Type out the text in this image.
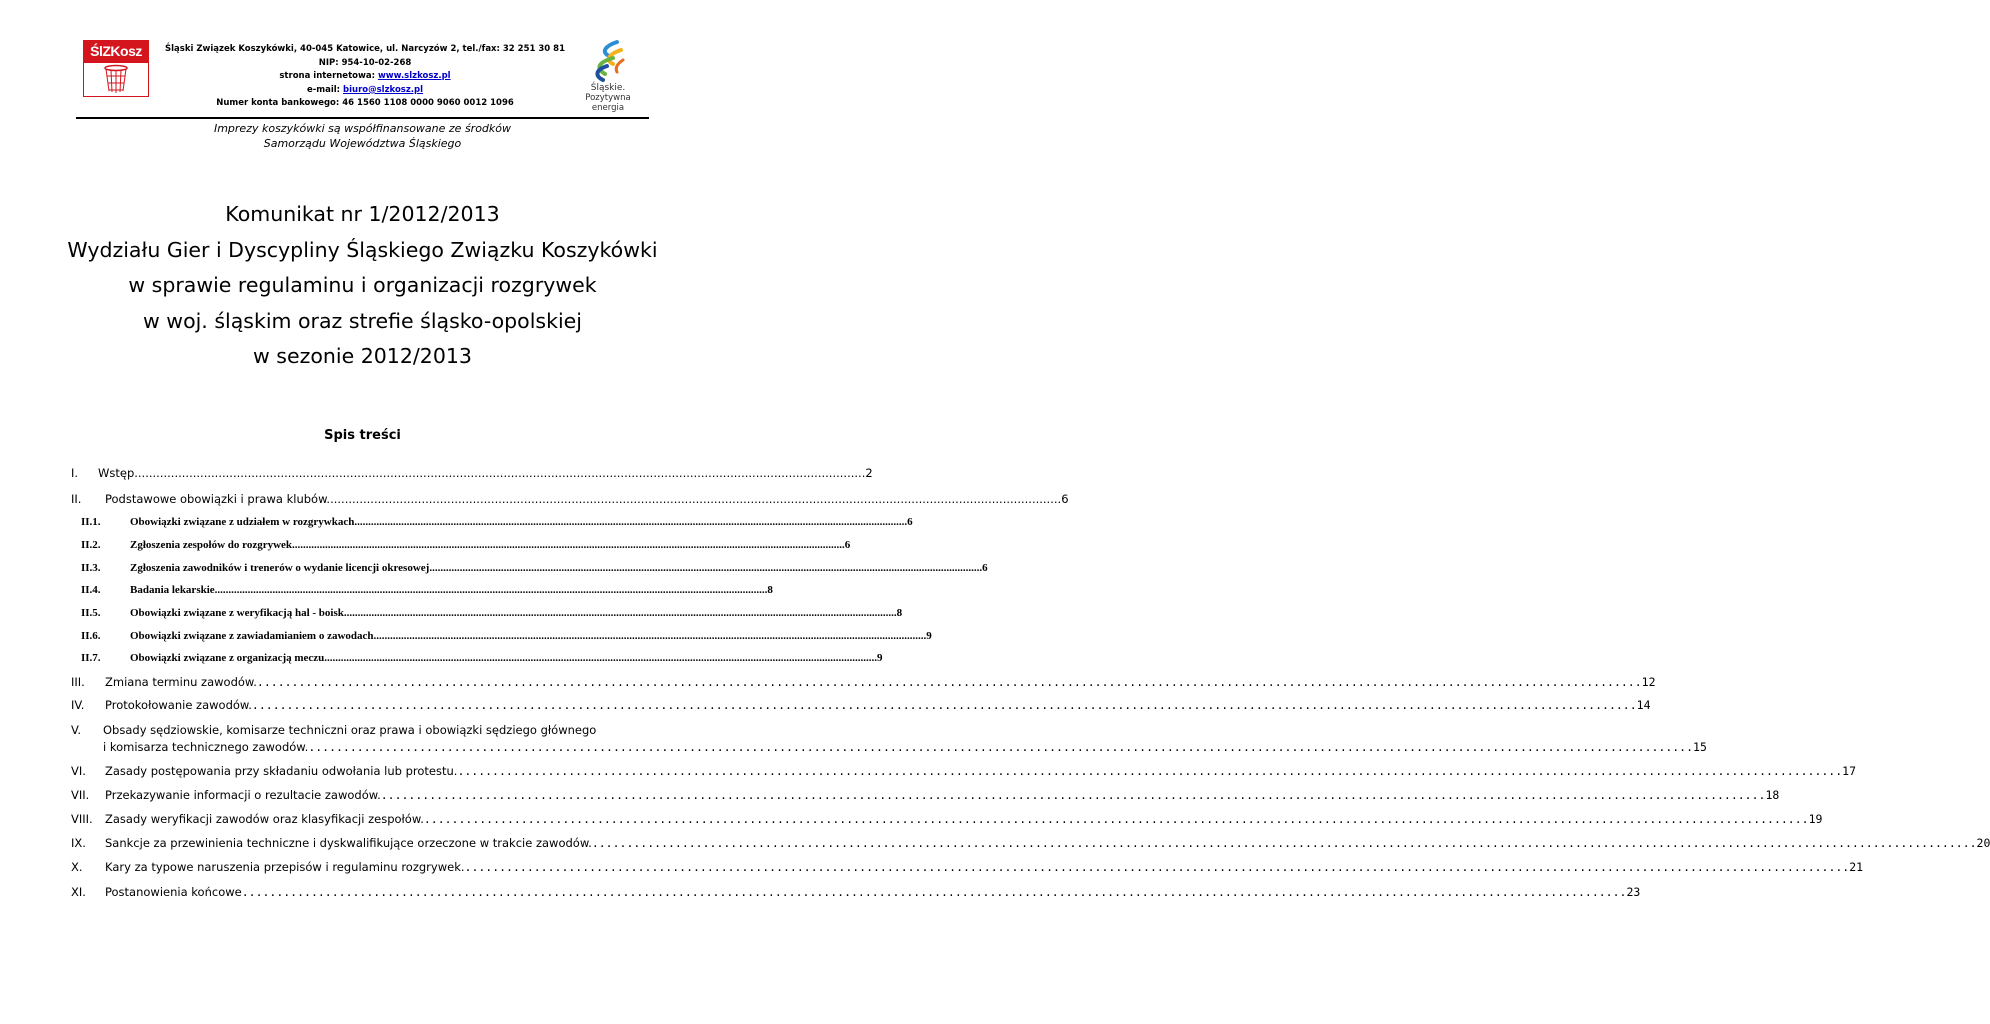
ŚlZKosz	Śląski Związek Koszykówki, 40-045 Katowice, ul. Narcyzów 2, tel./fax: 32 251 30 81
NIP: 954-10-02-268
strona internetowa: www.slzkosz.pl
e-mail: biuro@slzkosz.pl
Numer konta bankowego: 46 1560 1108 0000 9060 0012 1096
Śląskie.
Pozytywna energia
Imprezy koszykówki są współfinansowane ze środków
Samorządu Województwa Śląskiego
Komunikat nr 1/2012/2013
Wydziału Gier i Dyscypliny Śląskiego Związku Koszykówki
w sprawie regulaminu i organizacji rozgrywek
w woj. śląskim oraz strefie śląsko-opolskiej
w sezonie 2012/2013
Spis treści
I.	Wstęp ........................................................................................................................................................................................................ 2
II.	Podstawowe obowiązki i prawa klubów. ........................................................................................................................................................................................................ 6
II.1.	Obowiązki związane z udziałem w rozgrywkach. ........................................................................................................................................................................................................ 6
II.2.	Zgłoszenia zespołów do rozgrywek. ........................................................................................................................................................................................................ 6
II.3.	Zgłoszenia zawodników i trenerów o wydanie licencji okresowej. ........................................................................................................................................................................................................ 6
II.4.	Badania lekarskie. ........................................................................................................................................................................................................ 8
II.5.	Obowiązki związane z weryfikacją hal - boisk. ........................................................................................................................................................................................................ 8
II.6.	Obowiązki związane z zawiadamianiem o zawodach. ........................................................................................................................................................................................................ 9
II.7.	Obowiązki związane z organizacją meczu. ........................................................................................................................................................................................................ 9
III.	Zmiana terminu zawodów. ........................................................................................................................................................................................................ 12
IV.	Protokołowanie zawodów. ........................................................................................................................................................................................................ 14
V.	Obsady sędziowskie, komisarze techniczni oraz prawa i obowiązki sędziego głównego
i komisarza technicznego zawodów. ........................................................................................................................................................................................................ 15
VI.	Zasady postępowania przy składaniu odwołania lub protestu. ........................................................................................................................................................................................................ 17
VII.	Przekazywanie informacji o rezultacie zawodów. ........................................................................................................................................................................................................ 18
VIII.	Zasady weryfikacji zawodów oraz klasyfikacji zespołów. ........................................................................................................................................................................................................ 19
IX.	Sankcje za przewinienia techniczne i dyskwalifikujące orzeczone w trakcie zawodów. ........................................................................................................................................................................................................ 20
X.	Kary za typowe naruszenia przepisów i regulaminu rozgrywek. ........................................................................................................................................................................................................ 21
XI.	Postanowienia końcowe ........................................................................................................................................................................................................ 23
